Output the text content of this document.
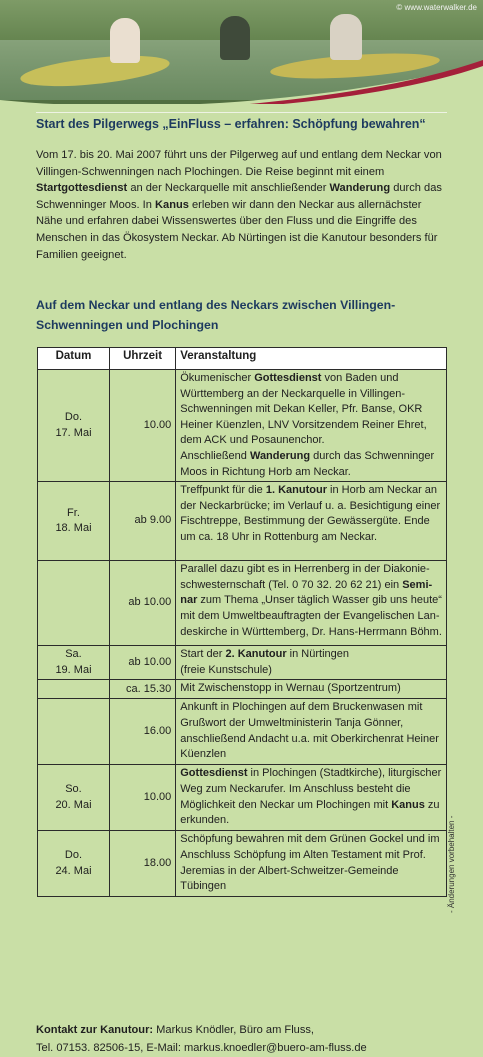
© www.waterwalker.de
Start des Pilgerwegs „EinFluss – erfahren: Schöpfung bewahren“

Vom 17. bis 20. Mai 2007 führt uns der Pilgerweg auf und entlang dem Neckar von Villingen-Schwenningen nach Plochingen. Die Reise beginnt mit einem Startgottesdienst an der Neckarquelle mit anschließender Wanderung durch das Schwenninger Moos. In Kanus erleben wir dann den Neckar aus allernächster Nähe und erfahren dabei Wissenswertes über den Fluss und die Eingriffe des Menschen in das Ökosystem Neckar. Ab Nürtingen ist die Kanutour besonders für Familien geeignet.

Auf dem Neckar und entlang des Neckars zwischen Villingen-Schwenningen und Plochingen
Datum	Uhrzeit	Veranstaltung
Do.
17. Mai	10.00	Ökumenischer Gottesdienst von Baden und Württemberg an der Neckarquelle in Villingen-Schwenningen mit Dekan Keller, Pfr. Banse, OKR Heiner Küenzlen, LNV Vorsitzendem Reiner Ehret, dem ACK und Posaunenchor.
Anschließend Wanderung durch das Schwenninger Moos in Richtung Horb am Neckar.
Fr.
18. Mai	ab 9.00	Treffpunkt für die 1. Kanutour in Horb am Neckar an der Neckarbrücke; im Verlauf u. a. Besichtigung einer Fischtreppe, Bestimmung der Gewässergüte. Ende um ca. 18 Uhr in Rottenburg am Neckar.
	ab 10.00	Parallel dazu gibt es in Herrenberg in der Diakonie-schwesternschaft (Tel. 0 70 32. 20 62 21) ein Semi-nar zum Thema „Unser täglich Wasser gib uns heute“ mit dem Umweltbeauftragten der Evangelischen Lan-deskirche in Württemberg, Dr. Hans-Herrmann Böhm.
Sa.
19. Mai	ab 10.00	Start der 2. Kanutour in Nürtingen
(freie Kunstschule)
	ca. 15.30	Mit Zwischenstopp in Wernau (Sportzentrum)
	16.00	Ankunft in Plochingen auf dem Bruckenwasen mit Grußwort der Umweltministerin Tanja Gönner, anschließend Andacht u.a. mit Oberkirchenrat Heiner Küenzlen
So.
20. Mai	10.00	Gottesdienst in Plochingen (Stadtkirche), liturgischer Weg zum Neckarufer. Im Anschluss besteht die Möglichkeit den Neckar um Plochingen mit Kanus zu erkunden.
Do.
24. Mai	18.00	Schöpfung bewahren mit dem Grünen Gockel und im Anschluss Schöpfung im Alten Testament mit Prof. Jeremias in der Albert-Schweitzer-Gemeinde Tübingen

Kontakt zur Kanutour: Markus Knödler, Büro am Fluss,
Tel. 07153. 82506-15, E-Mail: markus.knoedler@buero-am-fluss.de

- Änderungen vorbehalten -
